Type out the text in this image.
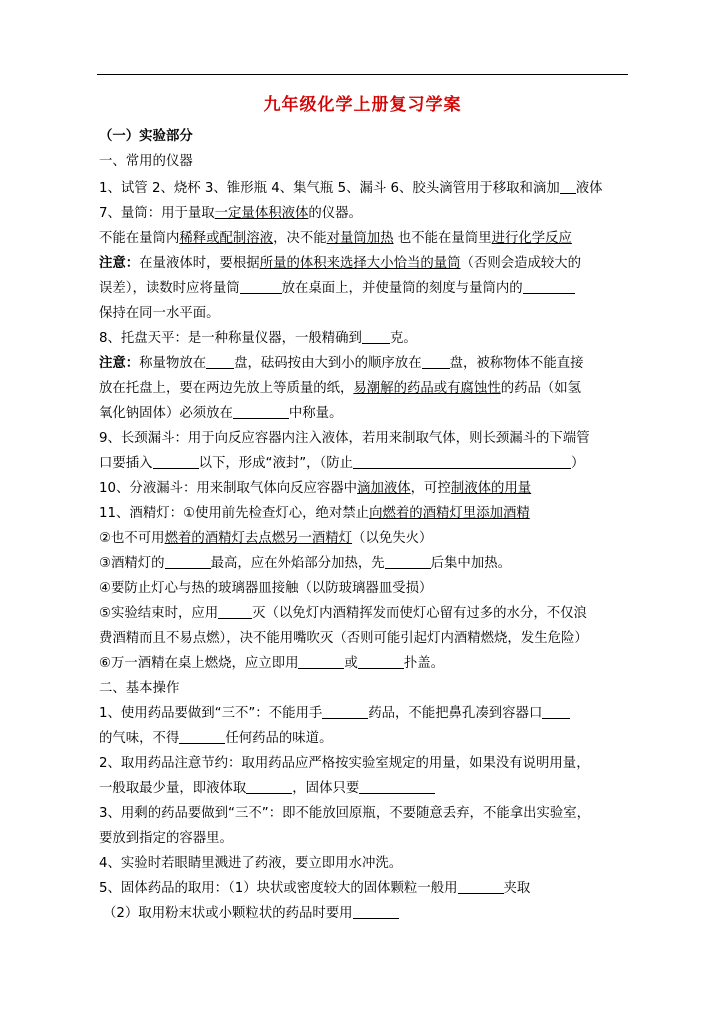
九年级化学上册复习学案
（一）实验部分
一、常用的仪器
1、试管 2、烧杯 3、锥形瓶 4、集气瓶 5、漏斗 6、胶头滴管用于移取和滴加 液体
7、量筒：用于量取一定量体积液体的仪器。
不能在量筒内稀释或配制溶液，决不能对量筒加热 也不能在量筒里进行化学反应
注意：在量液体时，要根据所量的体积来选择大小恰当的量筒（否则会造成较大的
误差），读数时应将量筒	放在桌面上，并使量筒的刻度与量筒内的
保持在同一水平面。
8、托盘天平：是一种称量仪器，一般精确到 克。
注意：称量物放在 盘，砝码按由大到小的顺序放在 盘，被称物体不能直接
放在托盘上，要在两边先放上等质量的纸，易潮解的药品或有腐蚀性的药品（如氢
氧化钠固体）必须放在	中称量。
9、长颈漏斗：用于向反应容器内注入液体，若用来制取气体，则长颈漏斗的下端管
口要插入	以下，形成“液封”，（防止	）
10、分液漏斗：用来制取气体向反应容器中滴加液体，可控制液体的用量
11、酒精灯：①使用前先检查灯心，绝对禁止向燃着的酒精灯里添加酒精
②也不可用燃着的酒精灯去点燃另一酒精灯（以免失火）
③酒精灯的	最高，应在外焰部分加热，先	后集中加热。
④要防止灯心与热的玻璃器皿接触（以防玻璃器皿受损）
⑤实验结束时，应用	灭（以免灯内酒精挥发而使灯心留有过多的水分，不仅浪
费酒精而且不易点燃），决不能用嘴吹灭（否则可能引起灯内酒精燃烧，发生危险）
⑥万一酒精在桌上燃烧，应立即用	或	扑盖。
二、基本操作
1、使用药品要做到“三不”：不能用手	药品，不能把鼻孔凑到容器口
的气味，不得	任何药品的味道。
2、取用药品注意节约：取用药品应严格按实验室规定的用量，如果没有说明用量，
一般取最少量，即液体取	，固体只要
3、用剩的药品要做到“三不”：即不能放回原瓶，不要随意丢弃，不能拿出实验室，
要放到指定的容器里。
4、实验时若眼睛里溅进了药液，要立即用水冲洗。
5、固体药品的取用：（1）块状或密度较大的固体颗粒一般用	夹取
（2）取用粉末状或小颗粒状的药品时要用
